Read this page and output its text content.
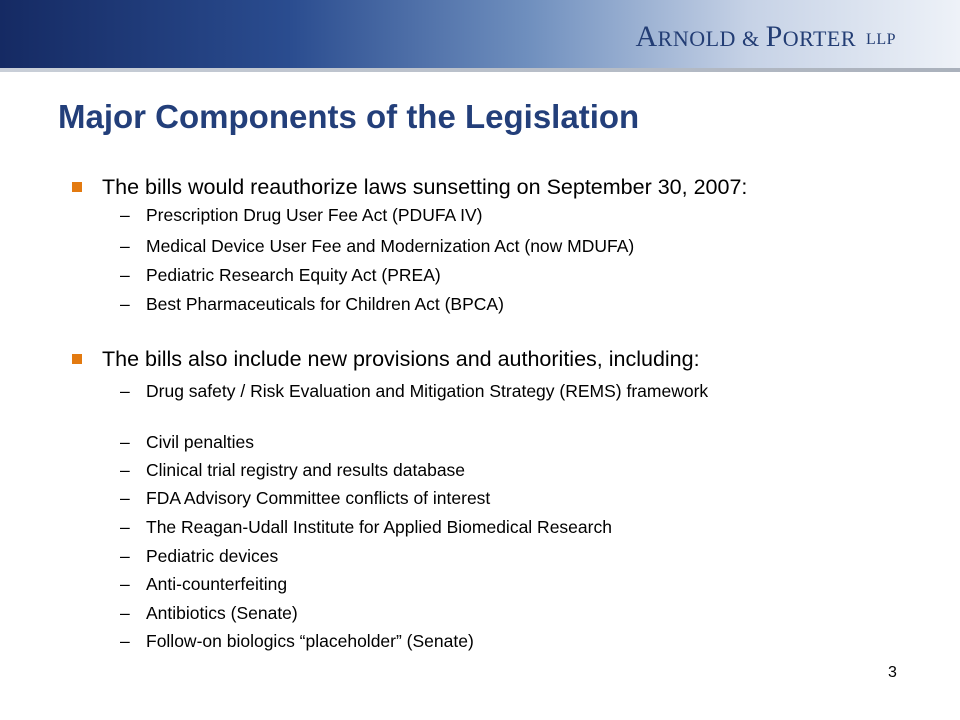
A RNOLD & P ORTER LLP
Major Components of the Legislation
The bills would reauthorize laws sunsetting on September 30, 2007:
– Prescription Drug User Fee Act (PDUFA IV)
– Medical Device User Fee and Modernization Act (now MDUFA)
– Pediatric Research Equity Act (PREA)
– Best Pharmaceuticals for Children Act (BPCA)
The bills also include new provisions and authorities, including:
– Drug safety / Risk Evaluation and Mitigation Strategy (REMS) framework
– Civil penalties
– Clinical trial registry and results database
– FDA Advisory Committee conflicts of interest
– The Reagan-Udall Institute for Applied Biomedical Research
– Pediatric devices
– Anti-counterfeiting
– Antibiotics (Senate)
– Follow-on biologics “placeholder” (Senate)
3
